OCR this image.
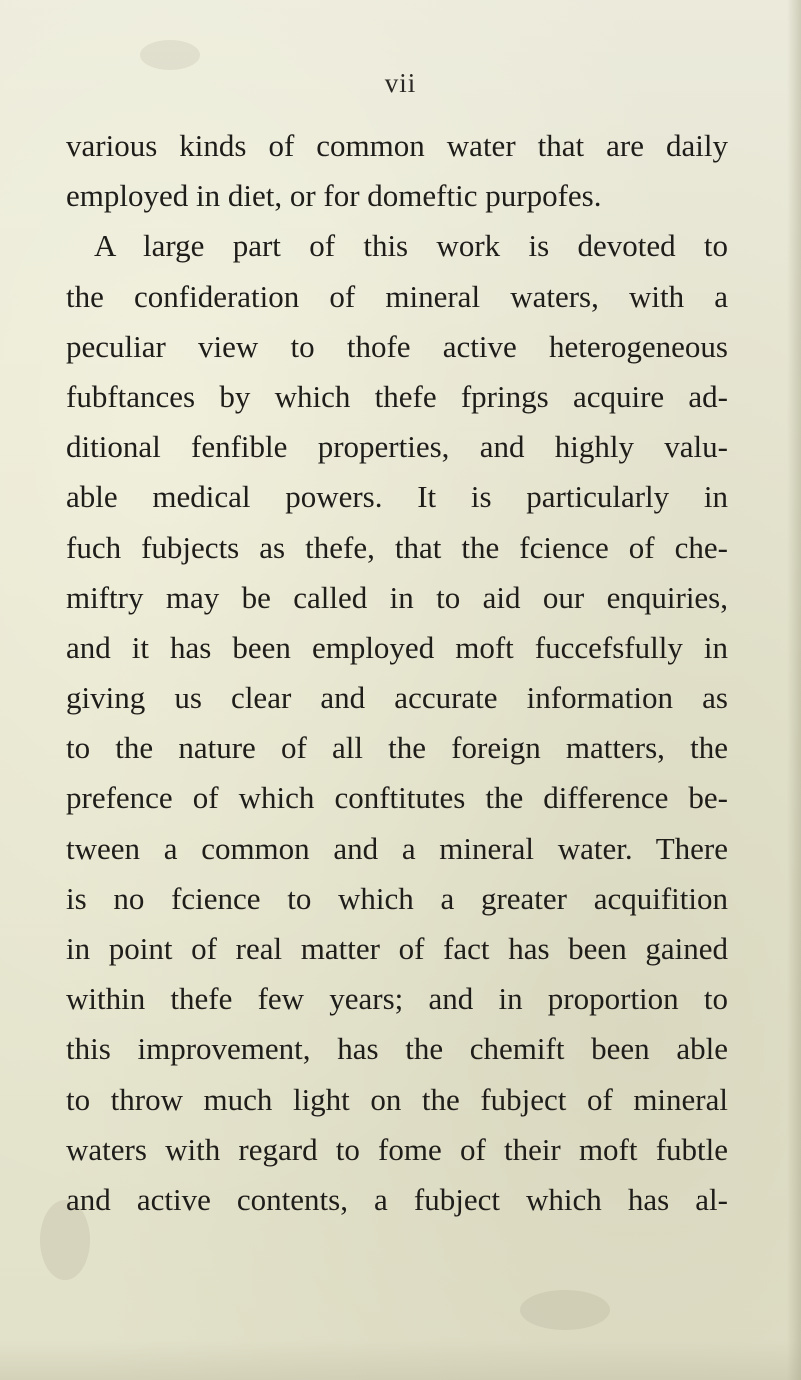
vii
various kinds of common water that are daily
employed in diet, or for domeftic purpofes.
A large part of this work is devoted to
the confideration of mineral waters, with a
peculiar view to thofe active heterogeneous
fubftances by which thefe fprings acquire ad-
ditional fenfible properties, and highly valu-
able medical powers. It is particularly in
fuch fubjects as thefe, that the fcience of che-
miftry may be called in to aid our enquiries,
and it has been employed moft fuccefsfully in
giving us clear and accurate information as
to the nature of all the foreign matters, the
prefence of which conftitutes the difference be-
tween a common and a mineral water. There
is no fcience to which a greater acquifition
in point of real matter of fact has been gained
within thefe few years; and in proportion to
this improvement, has the chemift been able
to throw much light on the fubject of mineral
waters with regard to fome of their moft fubtle
and active contents, a fubject which has al-
